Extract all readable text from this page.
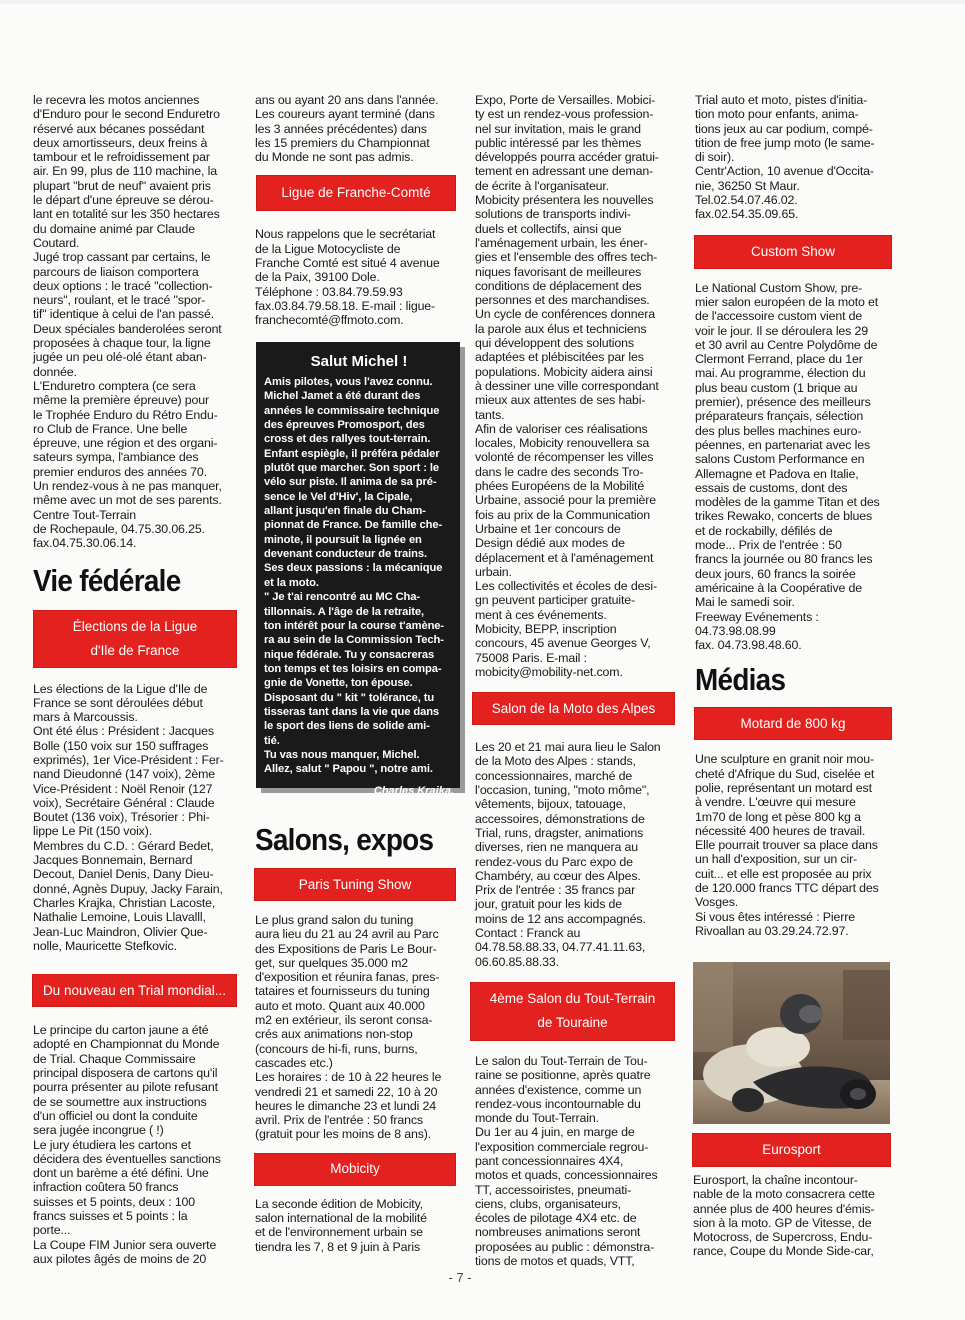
le recevra les motos anciennes
d'Enduro pour le second Enduretro
réservé aux bécanes possédant
deux amortisseurs, deux freins à
tambour et le refroidissement par
air. En 99, plus de 110 machine, la
plupart "brut de neuf" avaient pris
le départ d'une épreuve se dérou-
lant en totalité sur les 350 hectares
du domaine animé par Claude
Coutard.
Jugé trop cassant par certains, le
parcours de liaison comportera
deux options : le tracé "collection-
neurs", roulant, et le tracé "spor-
tif" identique à celui de l'an passé.
Deux spéciales banderolées seront
proposées à chaque tour, la ligne
jugée un peu olé-olé étant aban-
donnée.
L'Enduretro comptera (ce sera
même la première épreuve) pour
le Trophée Enduro du Rétro Endu-
ro Club de France. Une belle
épreuve, une région et des organi-
sateurs sympa, l'ambiance des
premier enduros des années 70.
Un rendez-vous à ne pas manquer,
même avec un mot de ses parents.
Centre Tout-Terrain
de Rochepaule, 04.75.30.06.25.
fax.04.75.30.06.14.

Vie fédérale
Élections de la Ligue
d'Ile de France

Les élections de la Ligue d'Ile de
France se sont déroulées début
mars à Marcoussis.
Ont été élus : Président : Jacques
Bolle (150 voix sur 150 suffrages
exprimés), 1er Vice-Président : Fer-
nand Dieudonné (147 voix), 2ème
Vice-Président : Noël Renoir (127
voix), Secrétaire Général : Claude
Boutet (136 voix), Trésorier : Phi-
lippe Le Pit (150 voix).
Membres du C.D. : Gérard Bedet,
Jacques Bonnemain, Bernard
Decout, Daniel Denis, Dany Dieu-
donné, Agnès Dupuy, Jacky Farain,
Charles Krajka, Christian Lacoste,
Nathalie Lemoine, Louis Llavalll,
Jean-Luc Maindron, Olivier Que-
nolle, Mauricette Stefkovic.

Du nouveau en Trial mondial...

Le principe du carton jaune a été
adopté en Championnat du Monde
de Trial. Chaque Commissaire
principal disposera de cartons qu'il
pourra présenter au pilote refusant
de se soumettre aux instructions
d'un officiel ou dont la conduite
sera jugée incongrue ( !)
Le jury étudiera les cartons et
décidera des éventuelles sanctions
dont un barème a été défini. Une
infraction coûtera 50 francs
suisses et 5 points, deux : 100
francs suisses et 5 points : la
porte...
La Coupe FIM Junior sera ouverte
aux pilotes âgés de moins de 20

ans ou ayant 20 ans dans l'année.
Les coureurs ayant terminé (dans
les 3 années précédentes) dans
les 15 premiers du Championnat
du Monde ne sont pas admis.

Ligue de Franche-Comté

Nous rappelons que le secrétariat
de la Ligue Motocycliste de
Franche Comté est situé 4 avenue
de la Paix, 39100 Dole.
Téléphone : 03.84.79.59.93
fax.03.84.79.58.18. E-mail : ligue-
franchecomté@ffmoto.com.

Salut Michel !

Amis pilotes, vous l'avez connu.
Michel Jamet a été durant des
années le commissaire technique
des épreuves Promosport, des
cross et des rallyes tout-terrain.
Enfant espiègle, il préféra pédaler
plutôt que marcher. Son sport : le
vélo sur piste. Il anima de sa pré-
sence le Vel d'Hiv', la Cipale,
allant jusqu'en finale du Cham-
pionnat de France. De famille che-
minote, il poursuit la lignée en
devenant conducteur de trains.
Ses deux passions : la mécanique
et la moto.
" Je t'ai rencontré au MC Cha-
tillonnais. A l'âge de la retraite,
ton intérêt pour la course t'amène-
ra au sein de la Commission Tech-
nique fédérale. Tu y consacreras
ton temps et tes loisirs en compa-
gnie de Vonette, ton épouse.
Disposant du " kit " tolérance, tu
tisseras tant dans la vie que dans
le sport des liens de solide ami-
tié.
Tu vas nous manquer, Michel.
Allez, salut " Papou ", notre ami.

Charles Krajka.
Salons, expos
Paris Tuning Show

Le plus grand salon du tuning
aura lieu du 21 au 24 avril au Parc
des Expositions de Paris Le Bour-
get, sur quelques 35.000 m2
d'exposition et réunira fanas, pres-
tataires et fournisseurs du tuning
auto et moto. Quant aux 40.000
m2 en extérieur, ils seront consa-
crés aux animations non-stop
(concours de hi-fi, runs, burns,
cascades etc.)
Les horaires : de 10 à 22 heures le
vendredi 21 et samedi 22, 10 à 20
heures le dimanche 23 et lundi 24
avril. Prix de l'entrée : 50 francs
(gratuit pour les moins de 8 ans).

Mobicity

La seconde édition de Mobicity,
salon international de la mobilité
et de l'environnement urbain se
tiendra les 7, 8 et 9 juin à Paris

Expo, Porte de Versailles. Mobici-
ty est un rendez-vous profession-
nel sur invitation, mais le grand
public intéressé par les thèmes
développés pourra accéder gratui-
tement en adressant une deman-
de écrite à l'organisateur.
Mobicity présentera les nouvelles
solutions de transports indivi-
duels et collectifs, ainsi que
l'aménagement urbain, les éner-
gies et l'ensemble des offres tech-
niques favorisant de meilleures
conditions de déplacement des
personnes et des marchandises.
Un cycle de conférences donnera
la parole aux élus et techniciens
qui développent des solutions
adaptées et plébiscitées par les
populations. Mobicity aidera ainsi
à dessiner une ville correspondant
mieux aux attentes de ses habi-
tants.
Afin de valoriser ces réalisations
locales, Mobicity renouvellera sa
volonté de récompenser les villes
dans le cadre des seconds Tro-
phées Européens de la Mobilité
Urbaine, associé pour la première
fois au prix de la Communication
Urbaine et 1er concours de
Design dédié aux modes de
déplacement et à l'aménagement
urbain.
Les collectivités et écoles de desi-
gn peuvent participer gratuite-
ment à ces événements.
Mobicity, BEPP, inscription
concours, 45 avenue Georges V,
75008 Paris. E-mail :
mobicity@mobility-net.com.

Salon de la Moto des Alpes

Les 20 et 21 mai aura lieu le Salon
de la Moto des Alpes : stands,
concessionnaires, marché de
l'occasion, tuning, "moto môme",
vêtements, bijoux, tatouage,
accessoires, démonstrations de
Trial, runs, dragster, animations
diverses, rien ne manquera au
rendez-vous du Parc expo de
Chambéry, au cœur des Alpes.
Prix de l'entrée : 35 francs par
jour, gratuit pour les kids de
moins de 12 ans accompagnés.
Contact : Franck au
04.78.58.88.33, 04.77.41.11.63,
06.60.85.88.33.

4ème Salon du Tout-Terrain
de Touraine

Le salon du Tout-Terrain de Tou-
raine se positionne, après quatre
années d'existence, comme un
rendez-vous incontournable du
monde du Tout-Terrain.
Du 1er au 4 juin, en marge de
l'exposition commerciale regrou-
pant concessionnaires 4X4,
motos et quads, concessionnaires
TT, accessoiristes, pneumati-
ciens, clubs, organisateurs,
écoles de pilotage 4X4 etc. de
nombreuses animations seront
proposées au public : démonstra-
tions de motos et quads, VTT,

Trial auto et moto, pistes d'initia-
tion moto pour enfants, anima-
tions jeux au car podium, compé-
tition de free jump moto (le same-
di soir).
Centr'Action, 10 avenue d'Occita-
nie, 36250 St Maur.
Tel.02.54.07.46.02.
fax.02.54.35.09.65.

Custom Show

Le National Custom Show, pre-
mier salon européen de la moto et
de l'accessoire custom vient de
voir le jour. Il se déroulera les 29
et 30 avril au Centre Polydôme de
Clermont Ferrand, place du 1er
mai. Au programme, élection du
plus beau custom (1 brique au
premier), présence des meilleurs
préparateurs français, sélection
des plus belles machines euro-
péennes, en partenariat avec les
salons Custom Performance en
Allemagne et Padova en Italie,
essais de customs, dont des
modèles de la gamme Titan et des
trikes Rewako, concerts de blues
et de rockabilly, défilés de
mode... Prix de l'entrée : 50
francs la journée ou 80 francs les
deux jours, 60 francs la soirée
américaine à la Coopérative de
Mai le samedi soir.
Freeway Evénements :
04.73.98.08.99
fax. 04.73.98.48.60.

Médias
Motard de 800 kg

Une sculpture en granit noir mou-
cheté d'Afrique du Sud, ciselée et
polie, représentant un motard est
à vendre. L'œuvre qui mesure
1m70 de long et pèse 800 kg a
nécessité 400 heures de travail.
Elle pourrait trouver sa place dans
un hall d'exposition, sur un cir-
cuit... et elle est proposée au prix
de 120.000 francs TTC départ des
Vosges.
Si vous êtes intéressé : Pierre
Rivoallan au 03.29.24.72.97.

Eurosport

Eurosport, la chaîne incontour-
nable de la moto consacrera cette
année plus de 400 heures d'émis-
sion à la moto. GP de Vitesse, de
Motocross, de Supercross, Endu-
rance, Coupe du Monde Side-car,

- 7 -
